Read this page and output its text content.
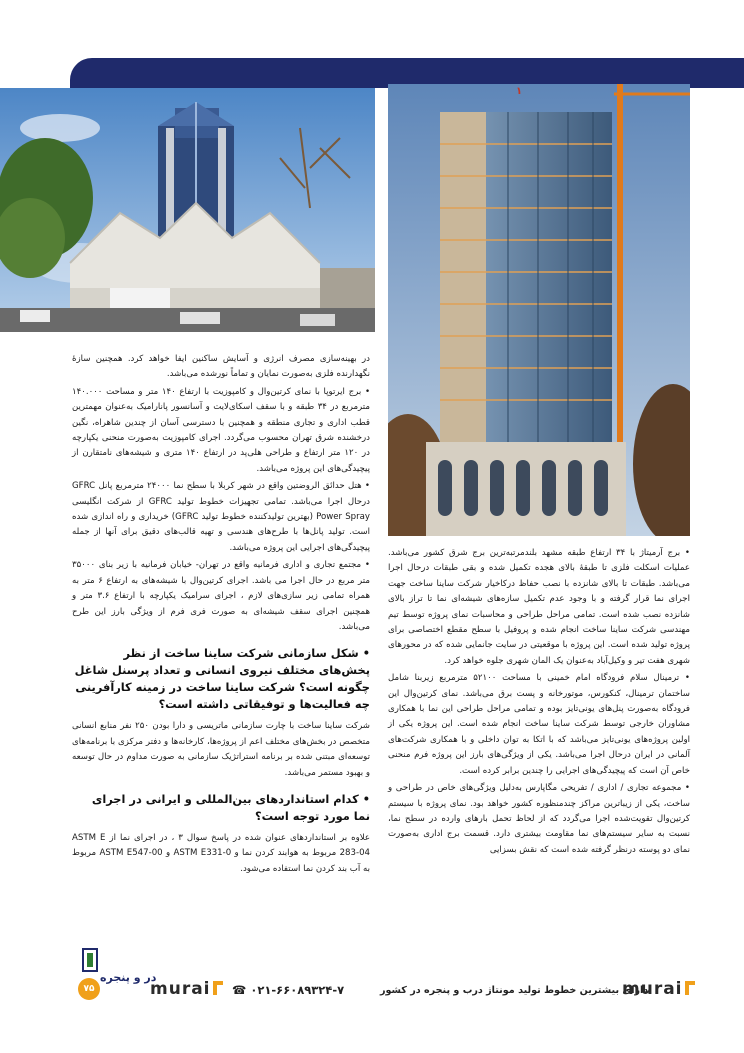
۱

در بهینه‌سازی مصرف انرژی و آسایش ساکنین ایفا خواهد کرد. همچنین سازهٔ نگهدارنده فلزی به‌صورت نمایان و تماماً نورشده می‌باشد.

• برج ایرتوپا با نمای کرتین‌وال و کامپوزیت با ارتفاع ۱۴۰ متر و مساحت ۱۴۰.۰۰۰ مترمربع در ۳۴ طبقه و با سقف اسکای‌لایت و آسانسور پانارامیک به‌عنوان مهمترین قطب اداری و تجاری منطقه و همچنین با دسترسی آسان از چندین شاهراه، نگین درخشنده شرق تهران محسوب می‌گردد. اجرای کامپوزیت به‌صورت منحنی یکپارچه در ۱۲۰ متر ارتفاع و طراحی هلی‌پد در ارتفاع ۱۴۰ متری و شیشه‌های نامتقارن از پیچیدگی‌های این پروژه می‌باشد.

• هتل حدائق الروضتین واقع در شهر کربلا با سطح نما ۲۴۰۰۰ مترمربع پانل GFRC درحال اجرا می‌باشد. تمامی تجهیزات خطوط تولید GFRC از شرکت انگلیسی Power Spray (بهترین تولیدکننده خطوط تولید GFRC) خریداری و راه اندازی شده است. تولید پانل‌ها با طرح‌های هندسی و تهیه قالب‌های دقیق برای آنها از جمله پیچیدگی‌های اجرایی این پروژه می‌باشد.

• مجتمع تجاری و اداری فرمانیه واقع در تهران- خیابان فرمانیه با زیر بنای ۳۵۰۰۰ متر مربع در حال اجرا می باشد. اجرای کرتین‌وال با شیشه‌های به ارتفاع ۶ متر به همراه تمامی زیر سازی‌های لازم ، اجرای سرامیک یکپارچه با ارتفاع ۳.۶ متر و همچنین اجرای سقف شیشه‌ای به صورت فری فرم از ویژگی بارز این طرح می‌باشد.

• شکل سازمانی شرکت ساینا ساخت از نظر پخش‌های مختلف نیروی انسانی و تعداد پرسنل شاغل چگونه است؟ شرکت ساینا ساخت در زمینه کارآفرینی چه فعالیت‌ها و توفیقاتی داشته است؟

شرکت ساینا ساخت با چارت سازمانی ماتریسی و دارا بودن ۲۵۰ نفر منابع انسانی متخصص در بخش‌های مختلف اعم از پروژه‌ها، کارخانه‌ها و دفتر مرکزی با برنامه‌های توسعه‌ای مبتنی شده بر برنامه استراتژیک سازمانی به صورت مداوم در حال توسعه و بهبود مستمر می‌باشد.

• کدام استانداردهای بین‌المللی و ایرانی در اجرای نما مورد توجه است؟

علاوه بر استانداردهای عنوان شده در پاسخ سوال ۳ ، در اجرای نما از ASTM E 283-04 مربوط به هوابند کردن نما و ASTM E331-0 و ASTM E547-00 مربوط به آب بند کردن نما استفاده می‌شود.

• برج آرمیتاژ با ۳۴ ارتفاع طبقه مشهد بلندمرتبه‌ترین برج شرق کشور می‌باشد. عملیات اسکلت فلزی تا طبقهٔ بالای هجده تکمیل شده و بقی طبقات درحال اجرا می‌باشد. طبقات تا بالای شانزده با نصب حفاظ درکاخیار شرکت ساینا ساخت جهت اجرای نما قرار گرفته و با وجود عدم تکمیل سازه‌های شیشه‌ای نما تا تراز بالای شانزده نصب شده است. تمامی مراحل طراحی و محاسبات نمای پروژه توسط تیم مهندسی شرکت ساینا ساخت انجام شده و پروفیل با سطح مقطع اختصاصی برای پروژه تولید شده است. این پروژه با موقعیتی در سایت جانمایی شده که در محورهای شهری هفت تیر و وکیل‌آباد به‌عنوان یک المان شهری جلوه خواهد کرد.

• ترمینال سلام فرودگاه امام خمینی با مساحت ۵۲۱۰۰ مترمربع زیربنا شامل ساختمان ترمینال، کنکورس، موتورخانه و پست برق می‌باشد. نمای کرتین‌وال این فرودگاه به‌صورت پنل‌های یونی‌تایز بوده و تمامی مراحل طراحی این نما با همکاری مشاوران خارجی توسط شرکت ساینا ساخت انجام شده است. این پروژه یکی از اولین پروژه‌های یونی‌تایز می‌باشد که با اتکا به توان داخلی و با همکاری شرکت‌های آلمانی در ایران درحال اجرا می‌باشد. یکی از ویژگی‌های بارز این پروژه فرم منحنی خاص آن است که پیچیدگی‌های اجرایی را چندین برابر کرده است.

• مجموعه تجاری / اداری / تفریحی مگاپارس به‌دلیل ویژگی‌های خاص در طراحی و ساخت، یکی از زیباترین مراکز چندمنظوره کشور خواهد بود. نمای پروژه با سیستم کرتین‌وال تقویت‌شده اجرا می‌گردد که از لحاظ تحمل بارهای وارده در سطح نما، نسبت به سایر سیستم‌های نما مقاومت بیشتری دارد. قسمت برج اداری به‌صورت نمای دو پوسته درنظر گرفته شده است که نقش بسزایی

۷۵
در و پنجره
murai	☎ ۰۲۱-۶۶۰۸۹۳۲۴-۷	دارای بیشترین خطوط تولید مونتاژ درب و پنجره در کشور
murai
